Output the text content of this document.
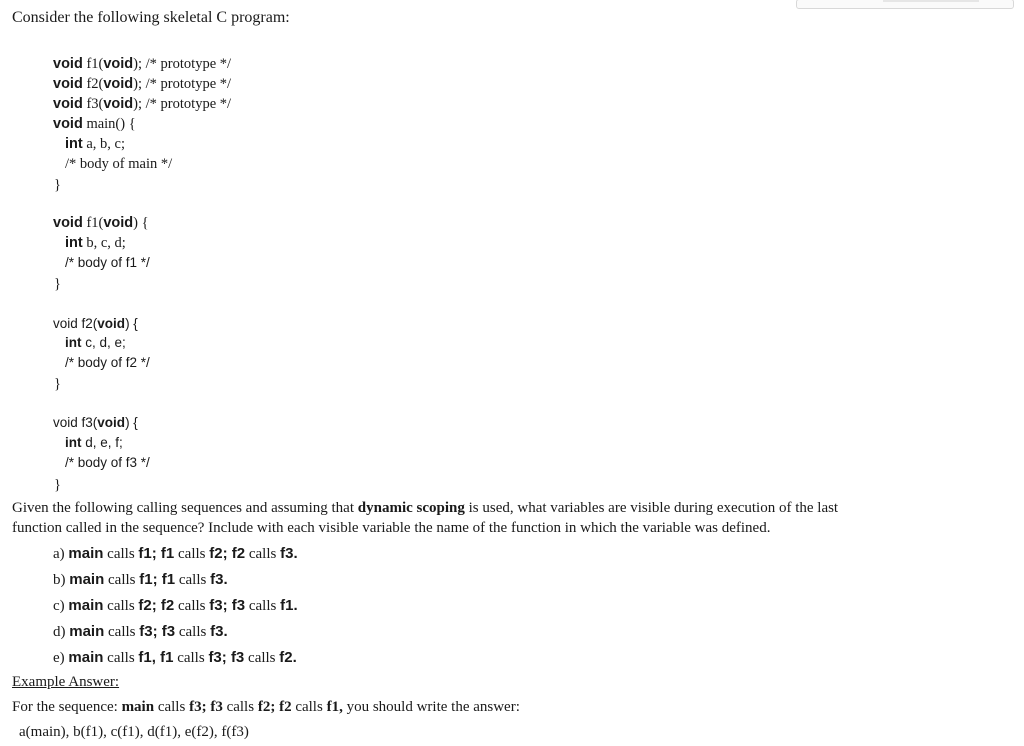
Consider the following skeletal C program:
void f1(void); /* prototype */
void f2(void); /* prototype */
void f3(void); /* prototype */
void main() {
int a, b, c;
/* body of main */
}
void f1(void) {
int b, c, d;
/* body of f1 */
}
void f2(void) {
int c, d, e;
/* body of f2 */
}
void f3(void) {
int d, e, f;
/* body of f3 */
}
Given the following calling sequences and assuming that dynamic scoping is used, what variables are visible during execution of the last
function called in the sequence? Include with each visible variable the name of the function in which the variable was defined.
a) main calls f1; f1 calls f2; f2 calls f3.
b) main calls f1; f1 calls f3.
c) main calls f2; f2 calls f3; f3 calls f1.
d) main calls f3; f3 calls f3.
e) main calls f1, f1 calls f3; f3 calls f2.
Example Answer:
For the sequence: main calls f3; f3 calls f2; f2 calls f1, you should write the answer:
a(main), b(f1), c(f1), d(f1), e(f2), f(f3)
